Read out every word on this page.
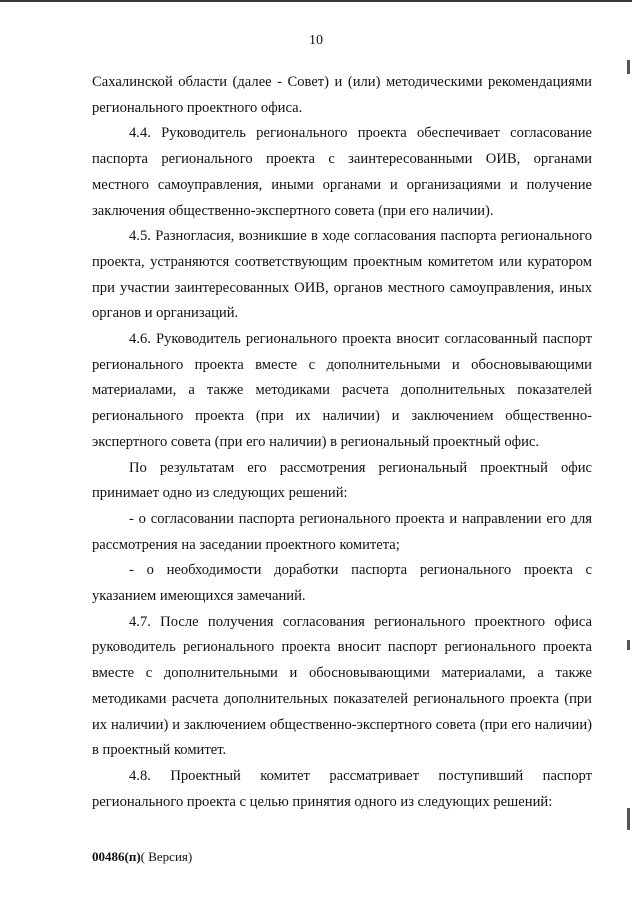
10

Сахалинской области (далее - Совет) и (или) методическими рекомендациями регионального проектного офиса.

4.4. Руководитель регионального проекта обеспечивает согласование паспорта регионального проекта с заинтересованными ОИВ, органами местного самоуправления, иными органами и организациями и получение заключения общественно-экспертного совета (при его наличии).

4.5. Разногласия, возникшие в ходе согласования паспорта регионального проекта, устраняются соответствующим проектным комитетом или куратором при участии заинтересованных ОИВ, органов местного самоуправления, иных органов и организаций.

4.6. Руководитель регионального проекта вносит согласованный паспорт регионального проекта вместе с дополнительными и обосновывающими материалами, а также методиками расчета дополнительных показателей регионального проекта (при их наличии) и заключением общественно-экспертного совета (при его наличии) в региональный проектный офис.

По результатам его рассмотрения региональный проектный офис принимает одно из следующих решений:

- о согласовании паспорта регионального проекта и направлении его для рассмотрения на заседании проектного комитета;

- о необходимости доработки паспорта регионального проекта с указанием имеющихся замечаний.

4.7. После получения согласования регионального проектного офиса руководитель регионального проекта вносит паспорт регионального проекта вместе с дополнительными и обосновывающими материалами, а также методиками расчета дополнительных показателей регионального проекта (при их наличии) и заключением общественно-экспертного совета (при его наличии) в проектный комитет.

4.8. Проектный комитет рассматривает поступивший паспорт регионального проекта с целью принятия одного из следующих решений:

00486(п)( Версия)
